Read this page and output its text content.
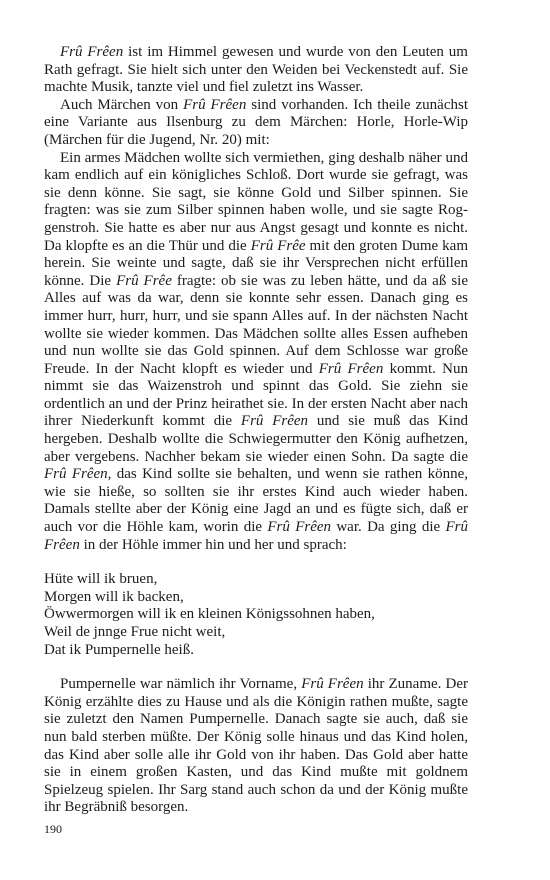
Frû Frêen ist im Himmel gewesen und wurde von den Leuten um Rath gefragt. Sie hielt sich unter den Weiden bei Veckenstedt auf. Sie machte Musik, tanzte viel und fiel zuletzt ins Wasser.

Auch Märchen von Frû Frêen sind vorhanden. Ich theile zunächst eine Variante aus Ilsenburg zu dem Märchen: Horle, Horle-Wip (Märchen für die Jugend, Nr. 20) mit:

Ein armes Mädchen wollte sich vermiethen, ging deshalb näher und kam endlich auf ein königliches Schloß. Dort wurde sie gefragt, was sie denn könne. Sie sagt, sie könne Gold und Silber spinnen. Sie fragten: was sie zum Silber spinnen haben wolle, und sie sagte Roggenstroh. Sie hatte es aber nur aus Angst gesagt und konnte es nicht. Da klopfte es an die Thür und die Frû Frêe mit den groten Dume kam herein. Sie weinte und sagte, daß sie ihr Versprechen nicht erfüllen könne. Die Frû Frêe fragte: ob sie was zu leben hätte, und da aß sie Alles auf was da war, denn sie konnte sehr essen. Danach ging es immer hurr, hurr, hurr, und sie spann Alles auf. In der nächsten Nacht wollte sie wieder kommen. Das Mädchen sollte alles Essen aufheben und nun wollte sie das Gold spinnen. Auf dem Schlosse war große Freude. In der Nacht klopft es wieder und Frû Frêen kommt. Nun nimmt sie das Waizenstroh und spinnt das Gold. Sie ziehn sie ordentlich an und der Prinz heirathet sie. In der ersten Nacht aber nach ihrer Niederkunft kommt die Frû Frêen und sie muß das Kind hergeben. Deshalb wollte die Schwiegermutter den König aufhetzen, aber vergebens. Nachher bekam sie wieder einen Sohn. Da sagte die Frû Frêen, das Kind sollte sie behalten, und wenn sie rathen könne, wie sie hieße, so sollten sie ihr erstes Kind auch wieder haben. Damals stellte aber der König eine Jagd an und es fügte sich, daß er auch vor die Höhle kam, worin die Frû Frêen war. Da ging die Frû Frêen in der Höhle immer hin und her und sprach:

Hüte will ik bruen,
Morgen will ik backen,
Öwwermorgen will ik en kleinen Königssohnen haben,
Weil de jnnge Frue nicht weit,
Dat ik Pumpernelle heiß.

Pumpernelle war nämlich ihr Vorname, Frû Frêen ihr Zuname. Der König erzählte dies zu Hause und als die Königin rathen mußte, sagte sie zuletzt den Namen Pumpernelle. Danach sagte sie auch, daß sie nun bald sterben müßte. Der König solle hinaus und das Kind holen, das Kind aber solle alle ihr Gold von ihr haben. Das Gold aber hatte sie in einem großen Kasten, und das Kind mußte mit goldnem Spielzeug spielen. Ihr Sarg stand auch schon da und der König mußte ihr Begräbniß besorgen.

190
